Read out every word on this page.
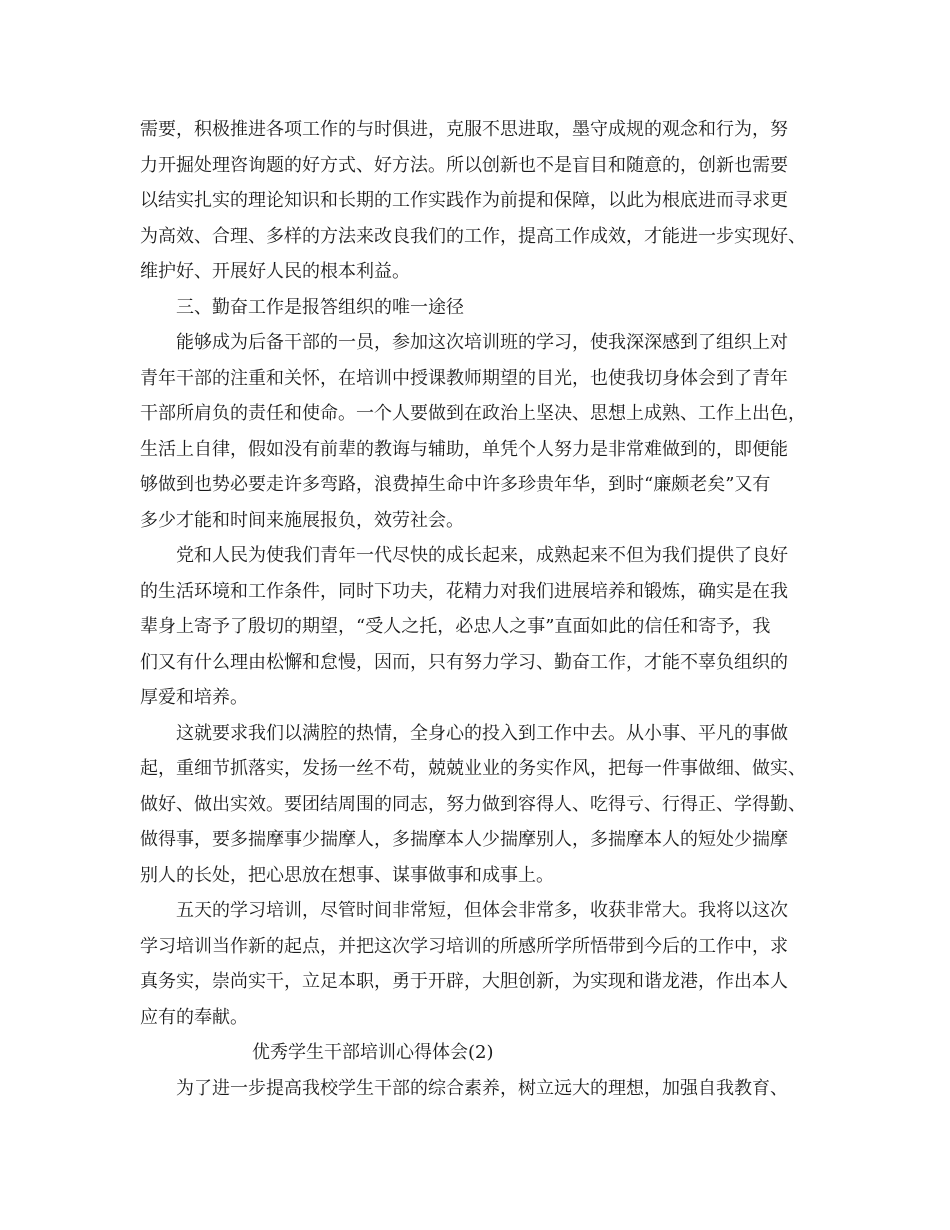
需要，积极推进各项工作的与时俱进，克服不思进取，墨守成规的观念和行为，努
力开掘处理咨询题的好方式、好方法。所以创新也不是盲目和随意的，创新也需要
以结实扎实的理论知识和长期的工作实践作为前提和保障，以此为根底进而寻求更
为高效、合理、多样的方法来改良我们的工作，提高工作成效，才能进一步实现好、
维护好、开展好人民的根本利益。
三、勤奋工作是报答组织的唯一途径
能够成为后备干部的一员，参加这次培训班的学习，使我深深感到了组织上对
青年干部的注重和关怀，在培训中授课教师期望的目光，也使我切身体会到了青年
干部所肩负的责任和使命。一个人要做到在政治上坚决、思想上成熟、工作上出色，
生活上自律，假如没有前辈的教诲与辅助，单凭个人努力是非常难做到的，即便能
够做到也势必要走许多弯路，浪费掉生命中许多珍贵年华，到时“廉颇老矣”又有
多少才能和时间来施展报负，效劳社会。
党和人民为使我们青年一代尽快的成长起来，成熟起来不但为我们提供了良好
的生活环境和工作条件，同时下功夫，花精力对我们进展培养和锻炼，确实是在我
辈身上寄予了殷切的期望，“受人之托，必忠人之事”直面如此的信任和寄予，我
们又有什么理由松懈和怠慢，因而，只有努力学习、勤奋工作，才能不辜负组织的
厚爱和培养。
这就要求我们以满腔的热情，全身心的投入到工作中去。从小事、平凡的事做
起，重细节抓落实，发扬一丝不苟，兢兢业业的务实作风，把每一件事做细、做实、
做好、做出实效。要团结周围的同志，努力做到容得人、吃得亏、行得正、学得勤、
做得事，要多揣摩事少揣摩人，多揣摩本人少揣摩别人，多揣摩本人的短处少揣摩
别人的长处，把心思放在想事、谋事做事和成事上。
五天的学习培训，尽管时间非常短，但体会非常多，收获非常大。我将以这次
学习培训当作新的起点，并把这次学习培训的所感所学所悟带到今后的工作中，求
真务实，崇尚实干，立足本职，勇于开辟，大胆创新，为实现和谐龙港，作出本人
应有的奉献。
优秀学生干部培训心得体会(2)
为了进一步提高我校学生干部的综合素养，树立远大的理想，加强自我教育、
